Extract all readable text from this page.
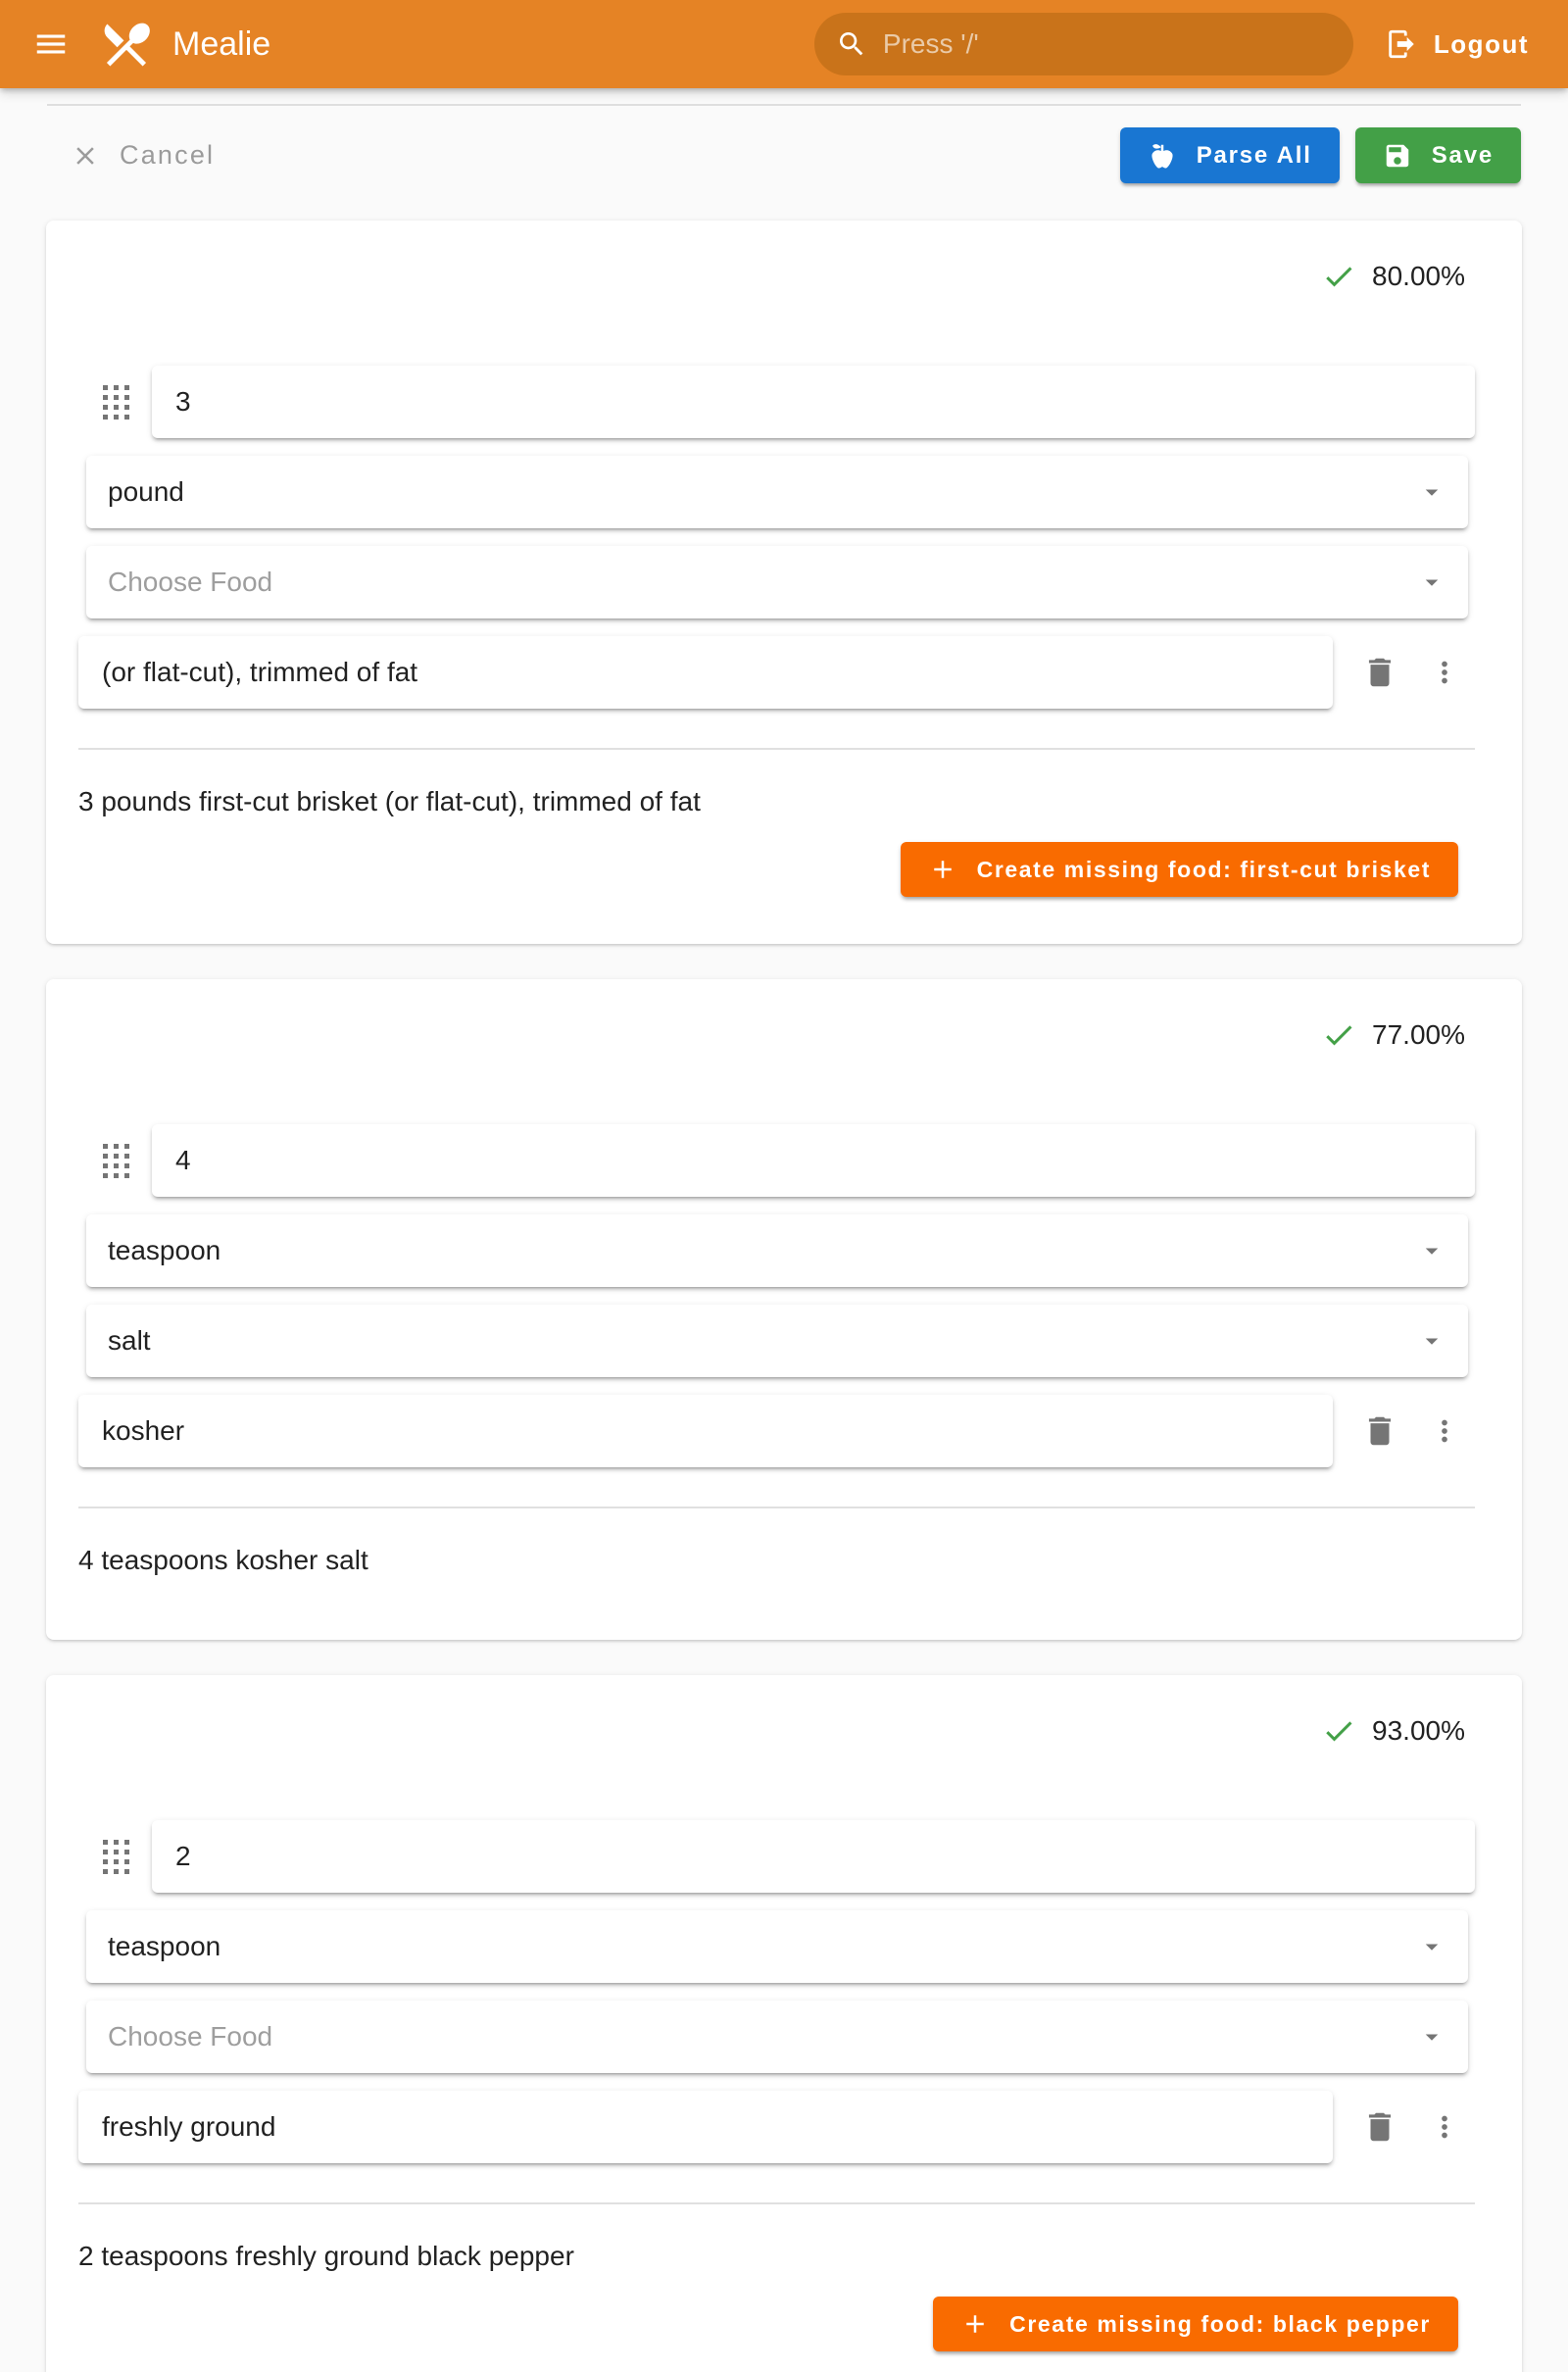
Mealie
Press '/'	Logout
Cancel	Parse All	Save
80.00%
3
pound
Choose Food
(or flat-cut), trimmed of fat

3 pounds first-cut brisket (or flat-cut), trimmed of fat

Create missing food: first-cut brisket
77.00%
4
teaspoon
salt
kosher

4 teaspoons kosher salt

93.00%
2
teaspoon
Choose Food
freshly ground

2 teaspoons freshly ground black pepper

Create missing food: black pepper
